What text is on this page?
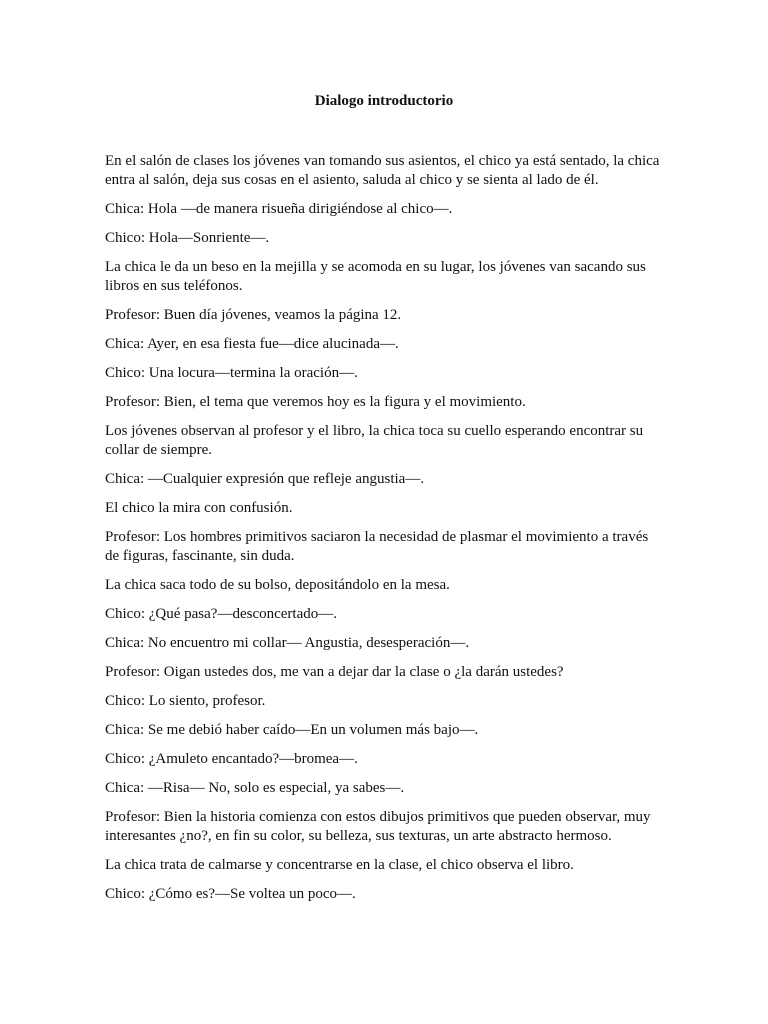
Dialogo introductorio

En el salón de clases los jóvenes van tomando sus asientos, el chico ya está sentado, la chica entra al salón, deja sus cosas en el asiento, saluda al chico y se sienta al lado de él.

Chica: Hola —de manera risueña dirigiéndose al chico—.

Chico: Hola—Sonriente—.

La chica le da un beso en la mejilla y se acomoda en su lugar, los jóvenes van sacando sus libros en sus teléfonos.

Profesor: Buen día jóvenes, veamos la página 12.

Chica: Ayer, en esa fiesta fue—dice alucinada—.

Chico: Una locura—termina la oración—.

Profesor: Bien, el tema que veremos hoy es la figura y el movimiento.

Los jóvenes observan al profesor y el libro, la chica toca su cuello esperando encontrar su collar de siempre.

Chica: —Cualquier expresión que refleje angustia—.

El chico la mira con confusión.

Profesor: Los hombres primitivos saciaron la necesidad de plasmar el movimiento a través de figuras, fascinante, sin duda.

La chica saca todo de su bolso, depositándolo en la mesa.

Chico: ¿Qué pasa?—desconcertado—.

Chica: No encuentro mi collar— Angustia, desesperación—.

Profesor: Oigan ustedes dos, me van a dejar dar la clase o ¿la darán ustedes?

Chico: Lo siento, profesor.

Chica: Se me debió haber caído—En un volumen más bajo—.

Chico: ¿Amuleto encantado?—bromea—.

Chica: —Risa— No, solo es especial, ya sabes—.

Profesor: Bien la historia comienza con estos dibujos primitivos que pueden observar, muy interesantes ¿no?, en fin su color, su belleza, sus texturas, un arte abstracto hermoso.

La chica trata de calmarse y concentrarse en la clase, el chico observa el libro.

Chico: ¿Cómo es?—Se voltea un poco—.
